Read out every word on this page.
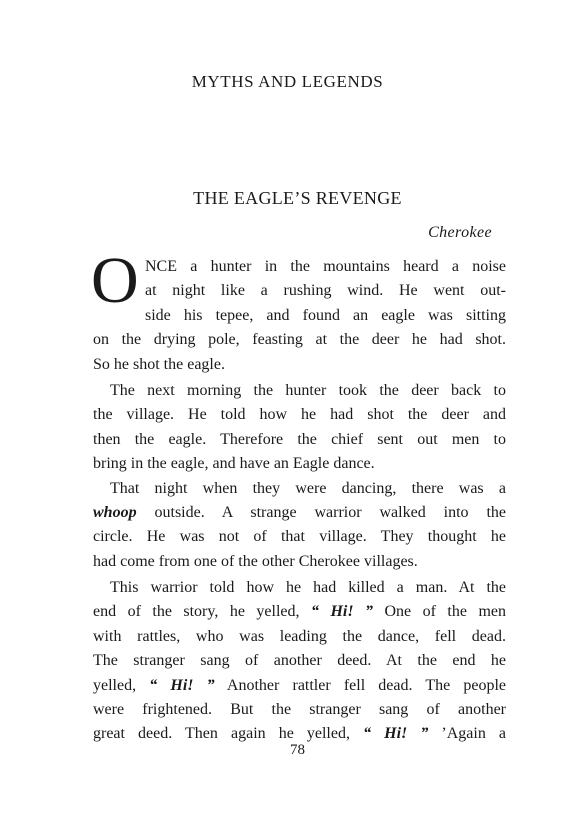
MYTHS AND LEGENDS
THE EAGLE’S REVENGE
Cherokee
O NCE a hunter in the mountains heard a noise
at night like a rushing wind. He went out-
side his tepee, and found an eagle was sitting
on the drying pole, feasting at the deer he had shot.
So he shot the eagle.
The next morning the hunter took the deer back to
the village. He told how he had shot the deer and
then the eagle. Therefore the chief sent out men to
bring in the eagle, and have an Eagle dance.
That night when they were dancing, there was a
whoop outside. A strange warrior walked into the
circle. He was not of that village. They thought he
had come from one of the other Cherokee villages.
This warrior told how he had killed a man. At the
end of the story, he yelled, “ Hi! ” One of the men
with rattles, who was leading the dance, fell dead.
The stranger sang of another deed. At the end he
yelled, “ Hi! ” Another rattler fell dead. The people
were frightened. But the stranger sang of another
great deed. Then again he yelled, “ Hi! ” ’Again a
78
